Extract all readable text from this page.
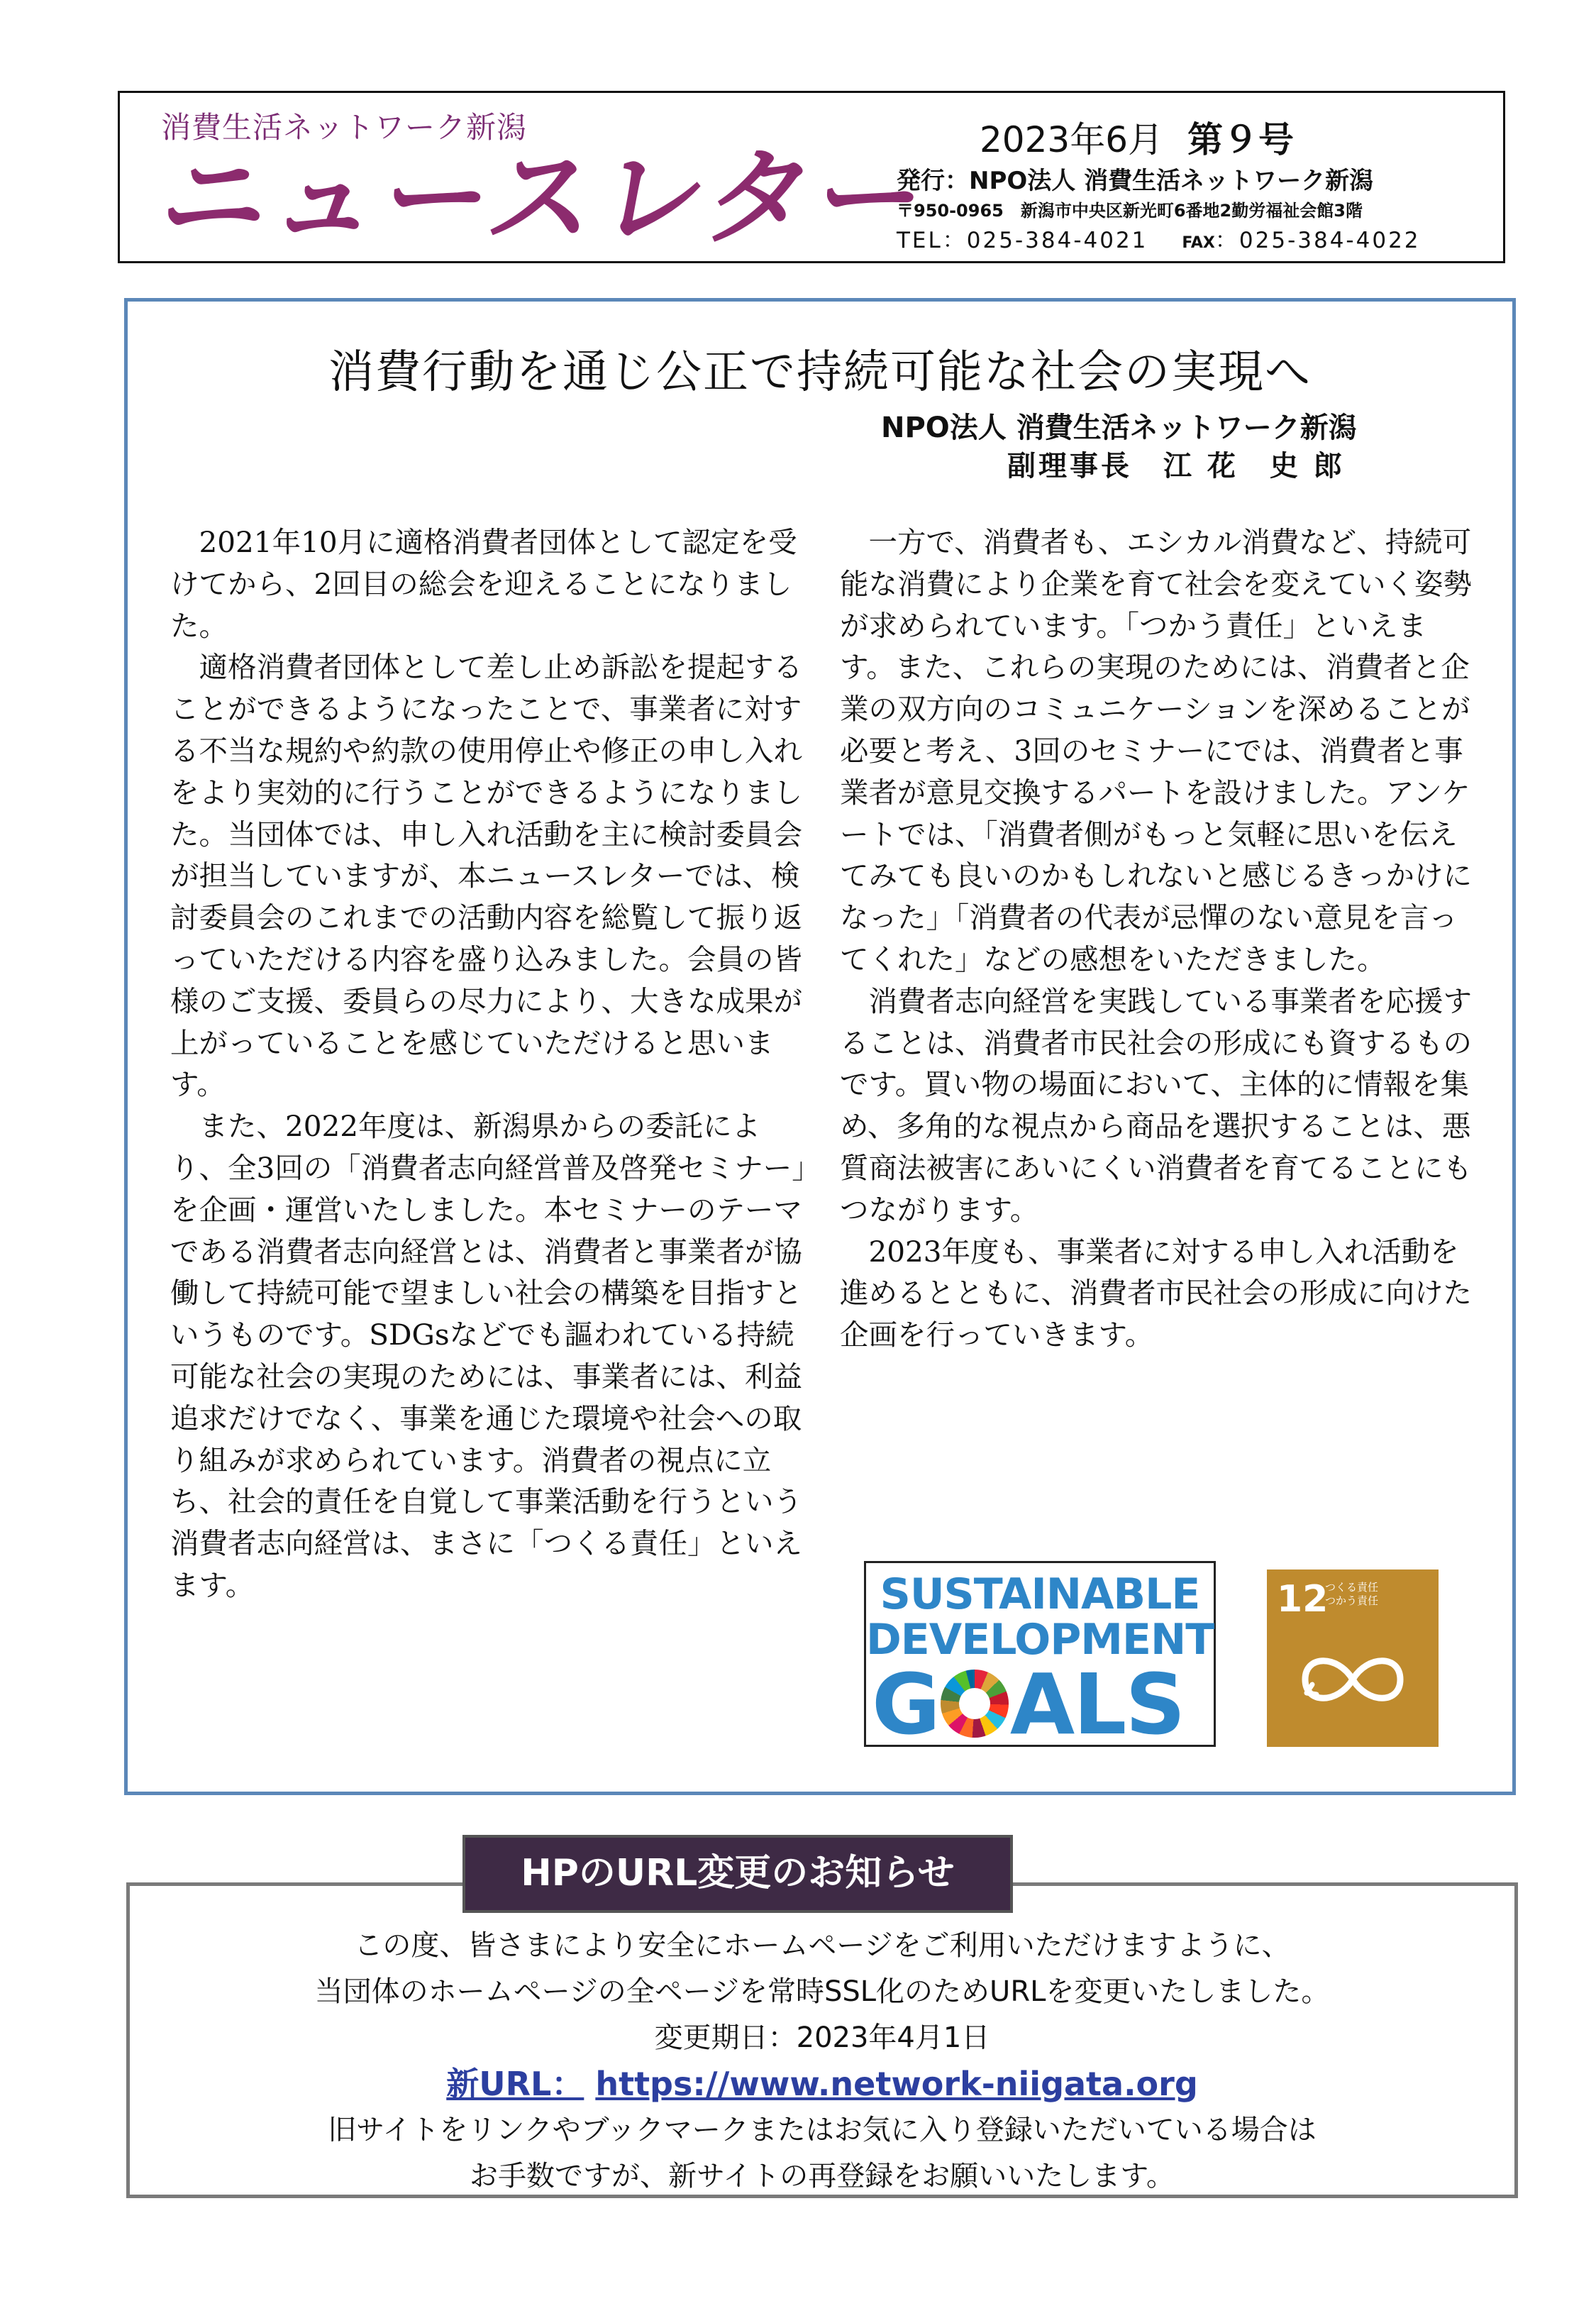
消費生活ネットワーク新潟
ニュースレター 2023年6月 第９号
発行：NPO法人 消費生活ネットワーク新潟
〒950-0965　新潟市中央区新光町6番地2勤労福祉会館3階
TEL：025-384-4021 FAX：025-384-4022
消費行動を通じ公正で持続可能な社会の実現へ
NPO法人 消費生活ネットワーク新潟
副理事長　江 花　史 郎

2021年10月に適格消費者団体として認定を受けてから、2回目の総会を迎えることになりました。

適格消費者団体として差し止め訴訟を提起することができるようになったことで、事業者に対する不当な規約や約款の使用停止や修正の申し入れをより実効的に行うことができるようになりました。当団体では、申し入れ活動を主に検討委員会が担当していますが、本ニュースレターでは、検討委員会のこれまでの活動内容を総覧して振り返っていただける内容を盛り込みました。会員の皆様のご支援、委員らの尽力により、大きな成果が上がっていることを感じていただけると思います。

また、2022年度は、新潟県からの委託により、全3回の「消費者志向経営普及啓発セミナー」を企画・運営いたしました。本セミナーのテーマである消費者志向経営とは、消費者と事業者が協働して持続可能で望ましい社会の構築を目指すというものです。SDGsなどでも謳われている持続可能な社会の実現のためには、事業者には、利益追求だけでなく、事業を通じた環境や社会への取り組みが求められています。消費者の視点に立ち、社会的責任を自覚して事業活動を行うという消費者志向経営は、まさに「つくる責任」といえます。

一方で、消費者も、エシカル消費など、持続可能な消費により企業を育て社会を変えていく姿勢が求められています。「つかう責任」といえます。また、これらの実現のためには、消費者と企業の双方向のコミュニケーションを深めることが必要と考え、3回のセミナーにでは、消費者と事業者が意見交換するパートを設けました。アンケートでは、「消費者側がもっと気軽に思いを伝えてみても良いのかもしれないと感じるきっかけになった」「消費者の代表が忌憚のない意見を言ってくれた」などの感想をいただきました。

消費者志向経営を実践している事業者を応援することは、消費者市民社会の形成にも資するものです。買い物の場面において、主体的に情報を集め、多角的な視点から商品を選択することは、悪質商法被害にあいにくい消費者を育てることにもつながります。

2023年度も、事業者に対する申し入れ活動を進めるとともに、消費者市民社会の形成に向けた企画を行っていきます。

SUSTAINABLE
DEVELOPMENT
G ALS
12
つくる責任
つかう責任
この度、皆さまにより安全にホームページをご利用いただけますように、
当団体のホームページの全ページを常時SSL化のためURLを変更いたしました。
変更期日：2023年4月1日
新URL： https://www.network-niigata.org
旧サイトをリンクやブックマークまたはお気に入り登録いただいている場合は
お手数ですが、新サイトの再登録をお願いいたします。
HPのURL変更のお知らせ
